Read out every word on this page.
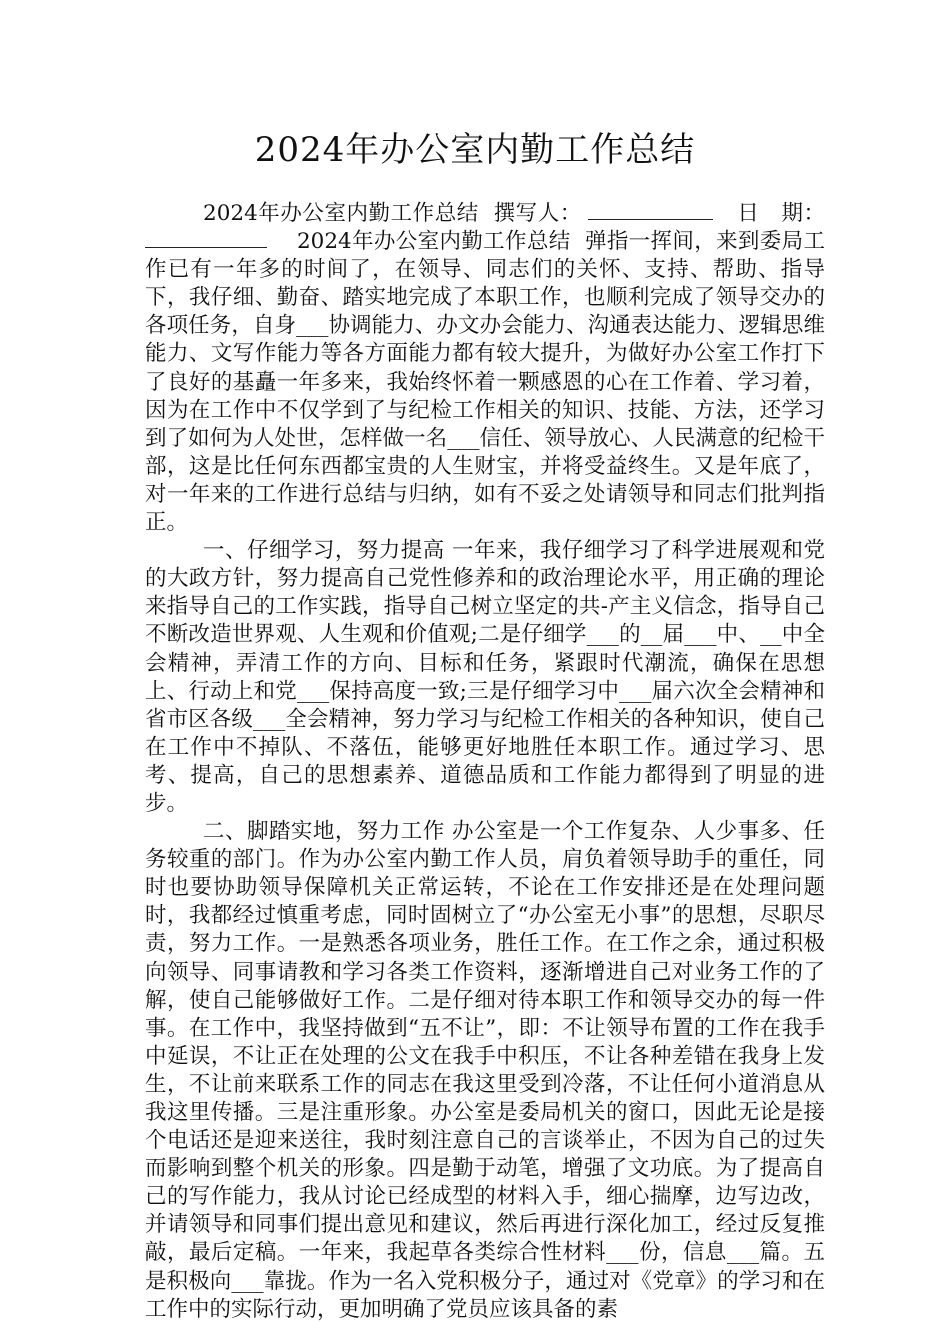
2024年办公室内勤工作总结

2024年办公室内勤工作总结 撰写人：	日　期：2024年办公室内勤工作总结 弹指一挥间，来到委局工作已有一年多的时间了，在领导、同志们的关怀、支持、帮助、指导下，我仔细、勤奋、踏实地完成了本职工作，也顺利完成了领导交办的各项任务，自身___协调能力、办文办会能力、沟通表达能力、逻辑思维能力、文写作能力等各方面能力都有较大提升，为做好办公室工作打下了良好的基矗一年多来，我始终怀着一颗感恩的心在工作着、学习着，因为在工作中不仅学到了与纪检工作相关的知识、技能、方法，还学习到了如何为人处世，怎样做一名___信任、领导放心、人民满意的纪检干部，这是比任何东西都宝贵的人生财宝，并将受益终生。又是年底了，对一年来的工作进行总结与归纳，如有不妥之处请领导和同志们批判指正。

一、仔细学习，努力提高 一年来，我仔细学习了科学进展观和党的大政方针，努力提高自己党性修养和的政治理论水平，用正确的理论来指导自己的工作实践，指导自己树立坚定的共-产主义信念，指导自己不断改造世界观、人生观和价值观;二是仔细学___的__届___中、__中全会精神，弄清工作的方向、目标和任务，紧跟时代潮流，确保在思想上、行动上和党___保持高度一致;三是仔细学习中___届六次全会精神和省市区各级___全会精神，努力学习与纪检工作相关的各种知识，使自己在工作中不掉队、不落伍，能够更好地胜任本职工作。通过学习、思考、提高，自己的思想素养、道德品质和工作能力都得到了明显的进步。

二、脚踏实地，努力工作 办公室是一个工作复杂、人少事多、任务较重的部门。作为办公室内勤工作人员，肩负着领导助手的重任，同时也要协助领导保障机关正常运转，不论在工作安排还是在处理问题时，我都经过慎重考虑，同时固树立了“办公室无小事”的思想，尽职尽责，努力工作。一是熟悉各项业务，胜任工作。在工作之余，通过积极向领导、同事请教和学习各类工作资料，逐渐增进自己对业务工作的了解，使自己能够做好工作。二是仔细对待本职工作和领导交办的每一件事。在工作中，我坚持做到“五不让”，即：不让领导布置的工作在我手中延误，不让正在处理的公文在我手中积压，不让各种差错在我身上发生，不让前来联系工作的同志在我这里受到冷落，不让任何小道消息从我这里传播。三是注重形象。办公室是委局机关的窗口，因此无论是接个电话还是迎来送往，我时刻注意自己的言谈举止，不因为自己的过失而影响到整个机关的形象。四是勤于动笔，增强了文功底。为了提高自己的写作能力，我从讨论已经成型的材料入手，细心揣摩，边写边改，并请领导和同事们提出意见和建议，然后再进行深化加工，经过反复推敲，最后定稿。一年来，我起草各类综合性材料___份，信息___篇。五是积极向___靠拢。作为一名入党积极分子，通过对《党章》的学习和在工作中的实际行动，更加明确了党员应该具备的素
